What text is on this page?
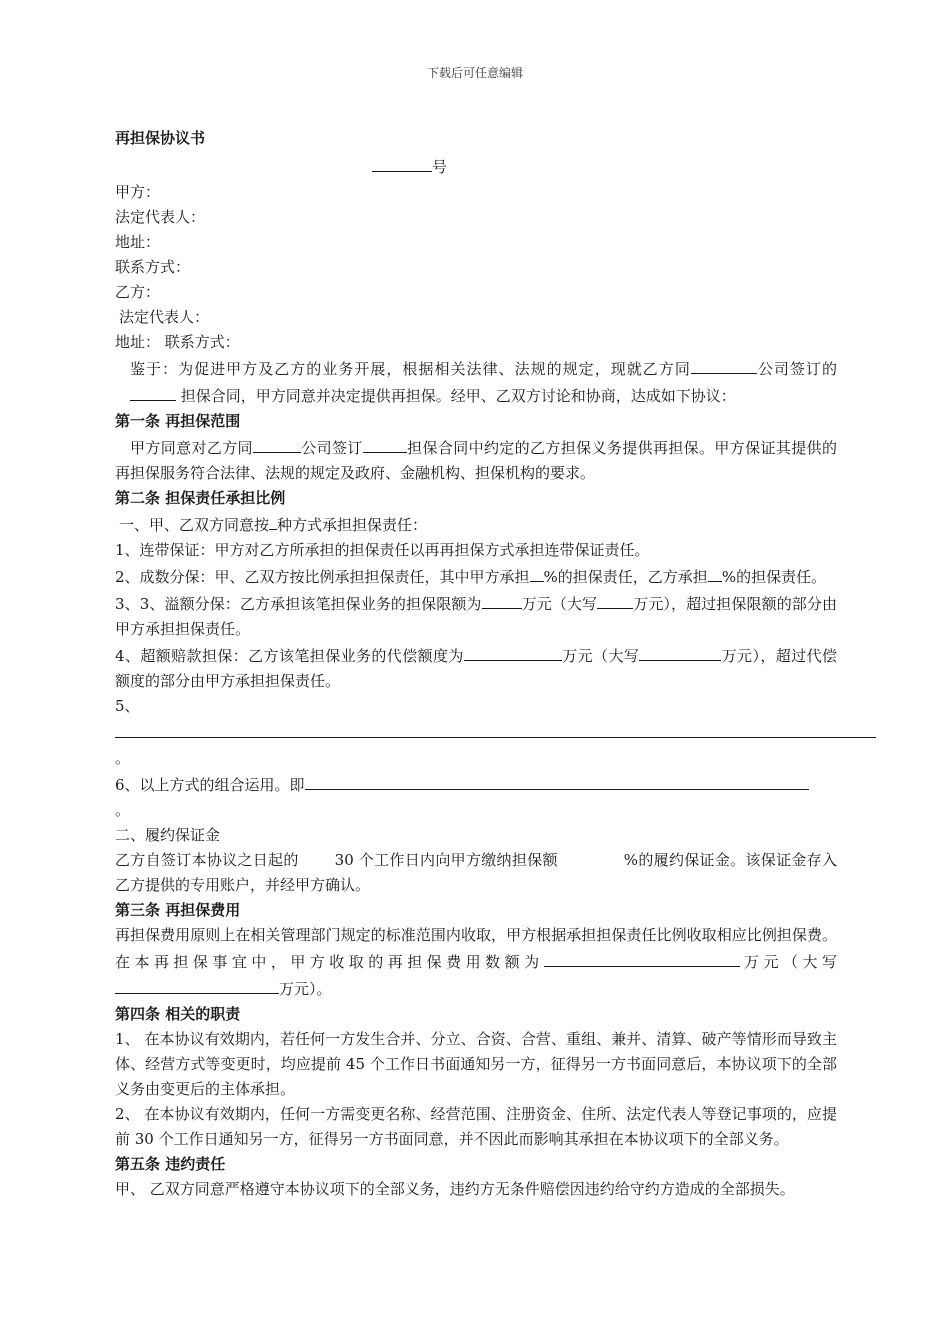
下载后可任意编辑
再担保协议书

号

甲方：

法定代表人：

地址：

联系方式：

乙方：

法定代表人：

地址： 联系方式：

鉴于：为促进甲方及乙方的业务开展，根据相关法律、法规的规定，现就乙方同	公司签订的 担保合同，甲方同意并决定提供再担保。经甲、乙双方讨论和协商，达成如下协议：

第一条 再担保范围

甲方同意对乙方同	公司签订	担保合同中约定的乙方担保义务提供再担保。甲方保证其提供的再担保服务符合法律、法规的规定及政府、金融机构、担保机构的要求。

第二条 担保责任承担比例

一、甲、乙双方同意按 种方式承担担保责任：

1、连带保证：甲方对乙方所承担的担保责任以再再担保方式承担连带保证责任。

2、成数分保：甲、乙双方按比例承担担保责任，其中甲方承担 %的担保责任，乙方承担 %的担保责任。

3、3、溢额分保：乙方承担该笔担保业务的担保限额为	万元（大写 万元），超过担保限额的部分由甲方承担担保责任。

4、超额赔款担保：乙方该笔担保业务的代偿额度为	万元（大写	万元），超过代偿额度的部分由甲方承担担保责任。

5、

。

6、以上方式的组合运用。即

。

二、履约保证金

乙方自签订本协议之日起的 30 个工作日内向甲方缴纳担保额	%的履约保证金。该保证金存入乙方提供的专用账户，并经甲方确认。

第三条 再担保费用

再担保费用原则上在相关管理部门规定的标准范围内收取，甲方根据承担担保责任比例收取相应比例担保费。在本再担保事宜中，甲方收取的再担保费用数额为	万元（大写万元）。

第四条 相关的职责

1、 在本协议有效期内，若任何一方发生合并、分立、合资、合营、重组、兼并、清算、破产等情形而导致主体、经营方式等变更时，均应提前 45 个工作日书面通知另一方，征得另一方书面同意后，本协议项下的全部义务由变更后的主体承担。

2、 在本协议有效期内，任何一方需变更名称、经营范围、注册资金、住所、法定代表人等登记事项的，应提前 30 个工作日通知另一方，征得另一方书面同意，并不因此而影响其承担在本协议项下的全部义务。

第五条 违约责任

甲、 乙双方同意严格遵守本协议项下的全部义务，违约方无条件赔偿因违约给守约方造成的全部损失。
